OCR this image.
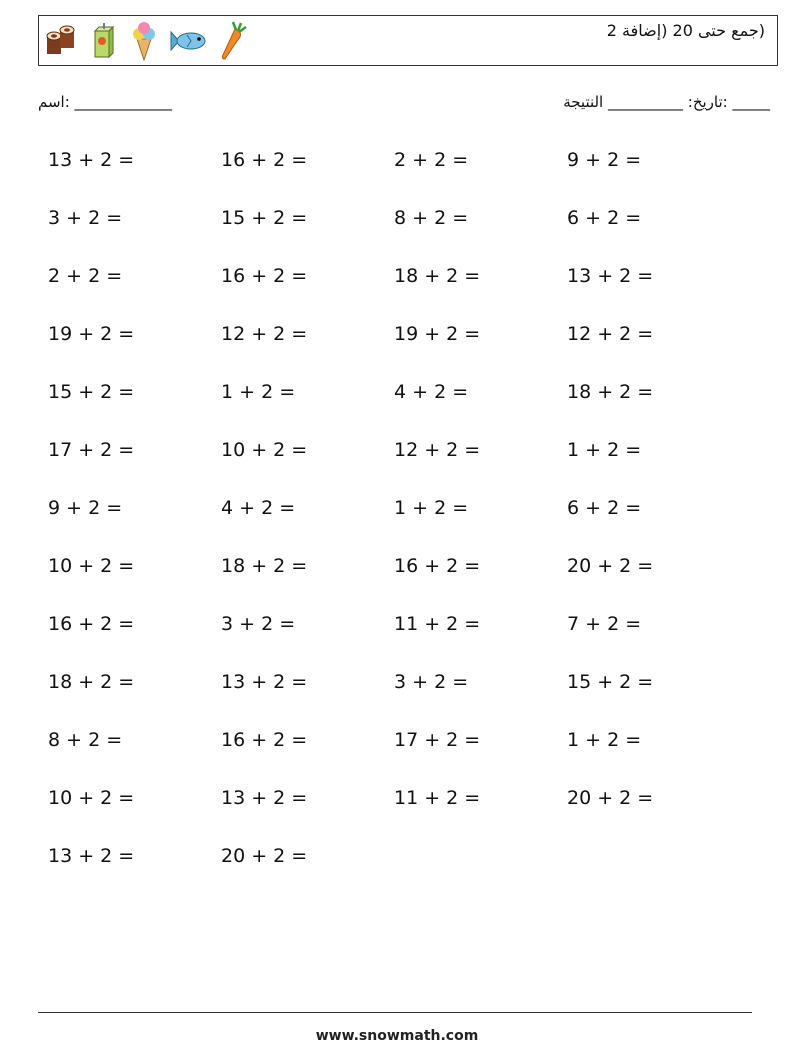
(جمع حتى 20 (إضافة 2
_____________ :اسم	_____ :تاريخ: __________ النتيجة
13 + 2 =	16 + 2 =	2 + 2 =	9 + 2 =
3 + 2 =	15 + 2 =	8 + 2 =	6 + 2 =
2 + 2 =	16 + 2 =	18 + 2 =	13 + 2 =
19 + 2 =	12 + 2 =	19 + 2 =	12 + 2 =
15 + 2 =	1 + 2 =	4 + 2 =	18 + 2 =
17 + 2 =	10 + 2 =	12 + 2 =	1 + 2 =
9 + 2 =	4 + 2 =	1 + 2 =	6 + 2 =
10 + 2 =	18 + 2 =	16 + 2 =	20 + 2 =
16 + 2 =	3 + 2 =	11 + 2 =	7 + 2 =
18 + 2 =	13 + 2 =	3 + 2 =	15 + 2 =
8 + 2 =	16 + 2 =	17 + 2 =	1 + 2 =
10 + 2 =	13 + 2 =	11 + 2 =	20 + 2 =
13 + 2 =	20 + 2 =
www.snowmath.com
